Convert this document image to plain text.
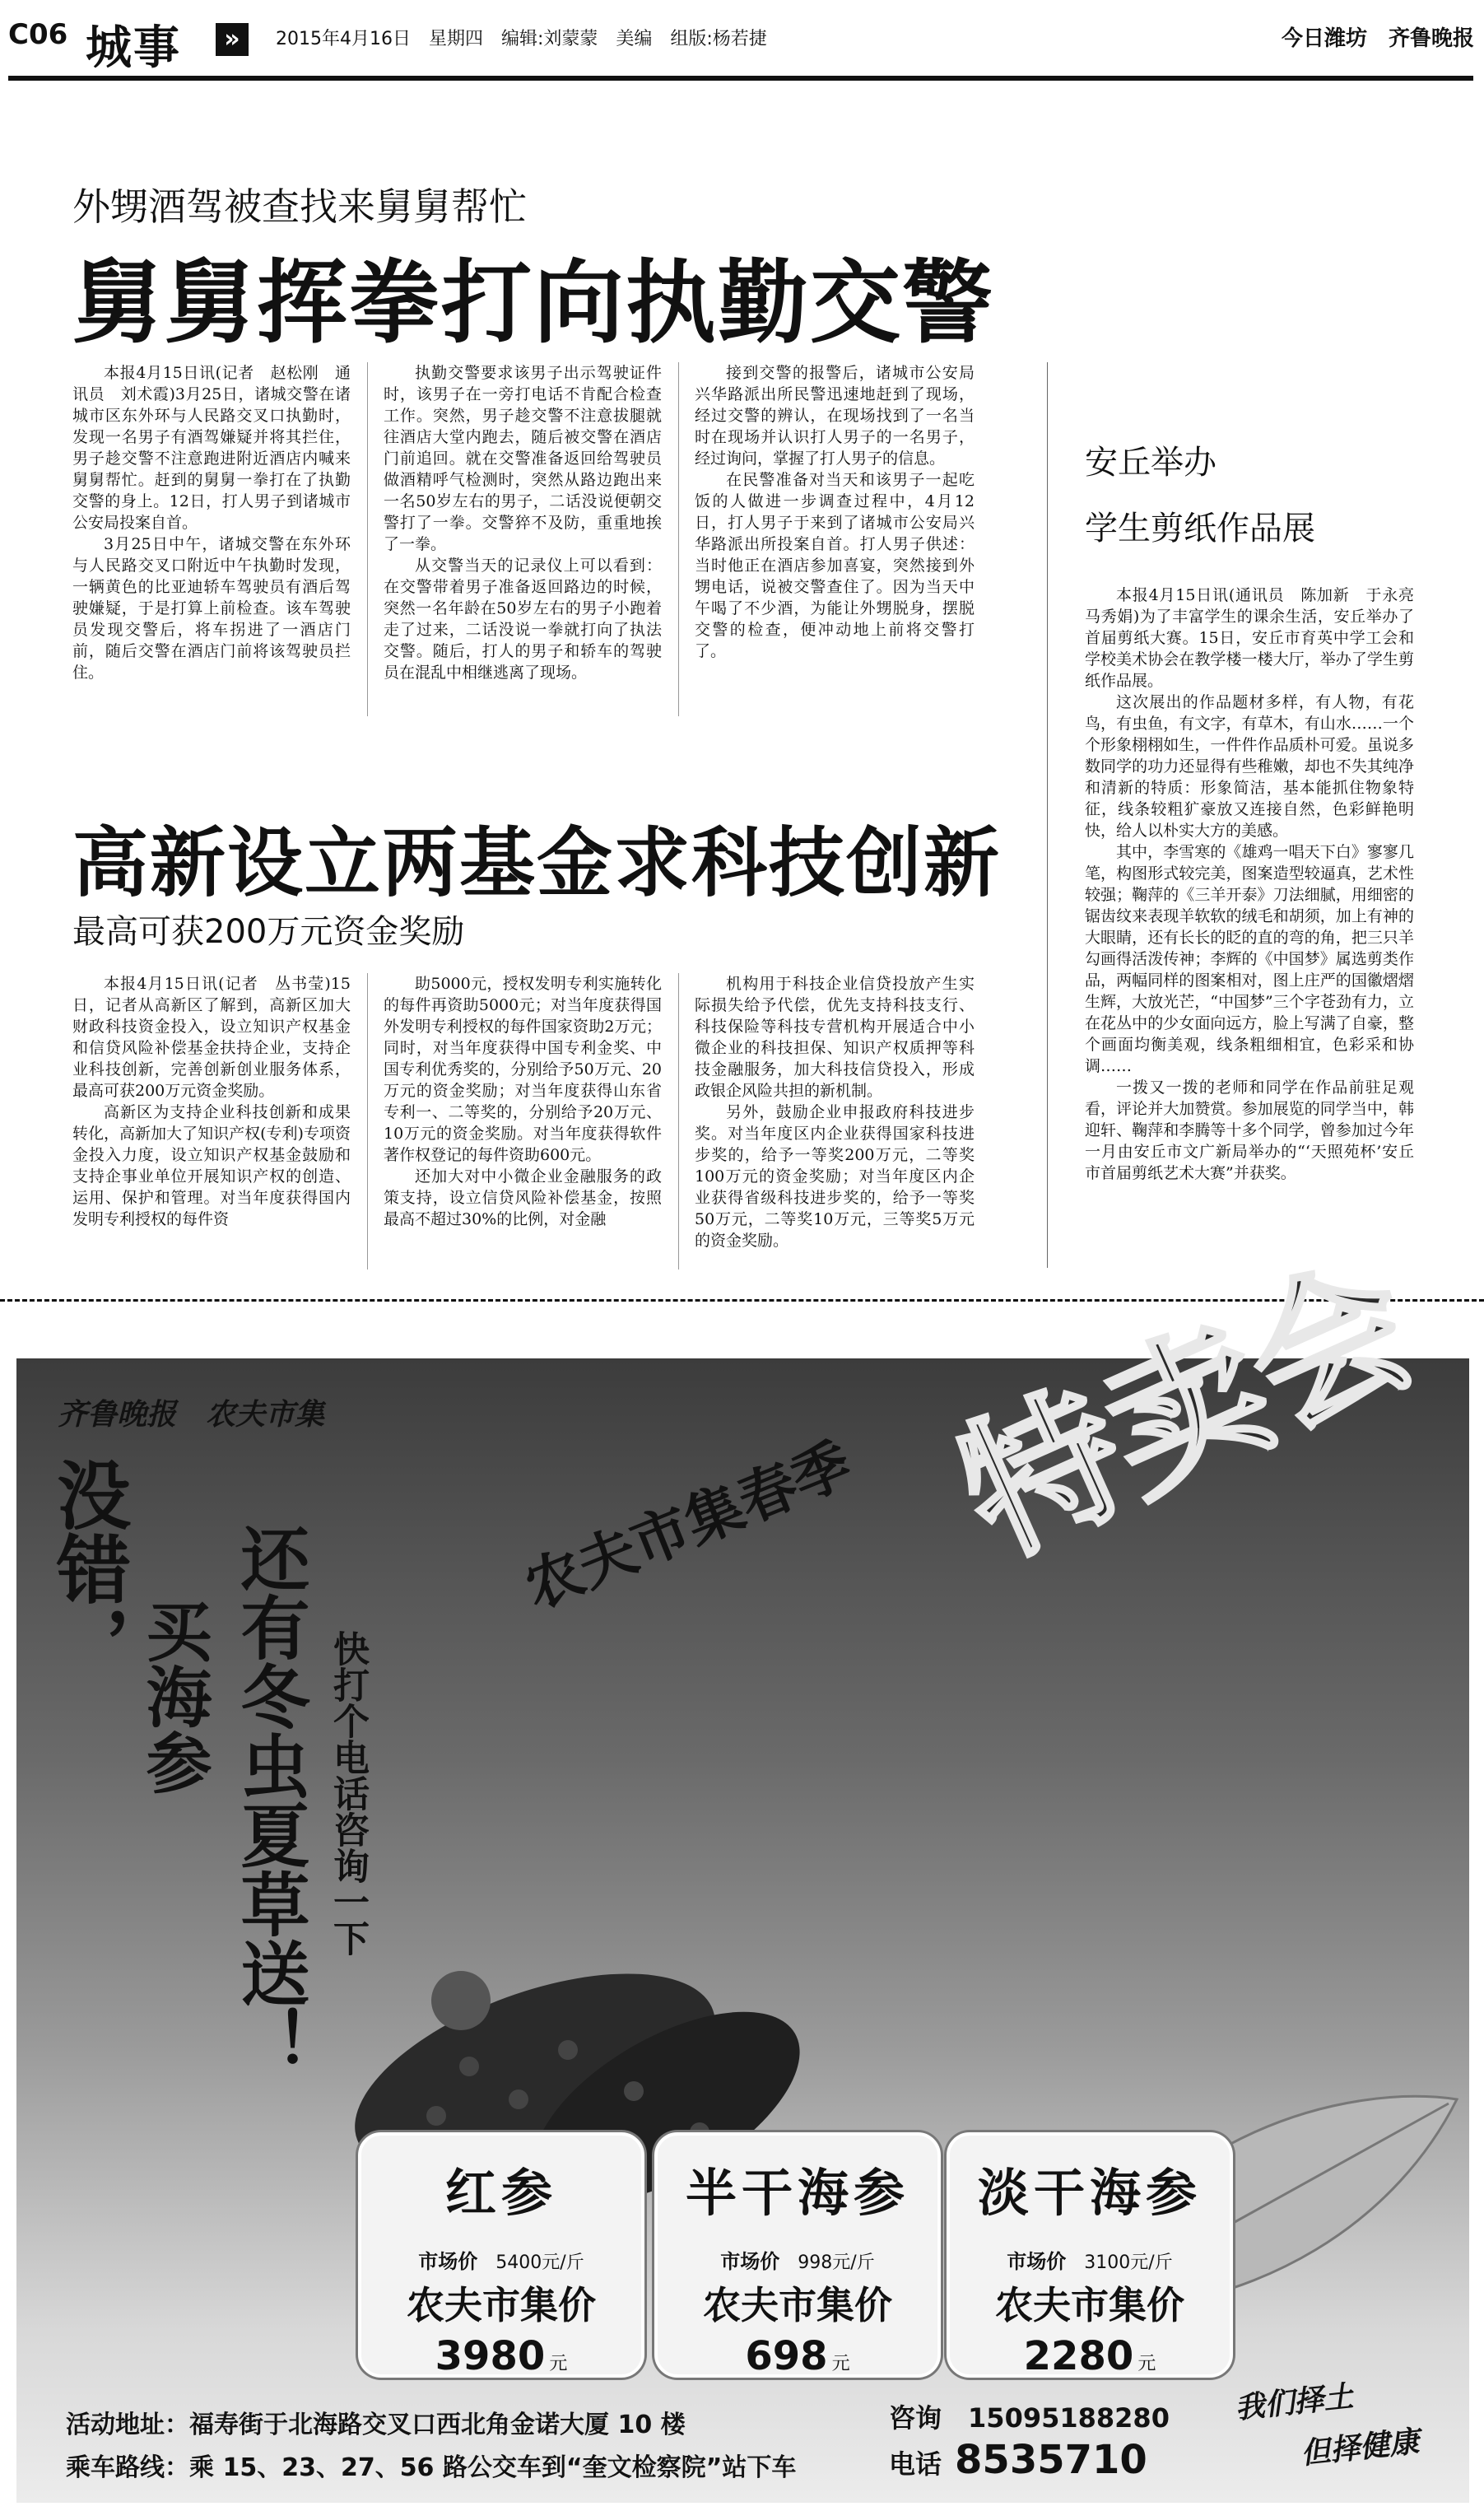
C06 城事	»	2015年4月16日　星期四　编辑:刘蒙蒙　美编　组版:杨若捷	今日潍坊　齐鲁晚报
外甥酒驾被查找来舅舅帮忙
舅舅挥拳打向执勤交警

本报4月15日讯(记者　赵松刚　通讯员　刘术霞)3月25日，诸城交警在诸城市区东外环与人民路交叉口执勤时，发现一名男子有酒驾嫌疑并将其拦住，男子趁交警不注意跑进附近酒店内喊来舅舅帮忙。赶到的舅舅一拳打在了执勤交警的身上。12日，打人男子到诸城市公安局投案自首。

3月25日中午，诸城交警在东外环与人民路交叉口附近中午执勤时发现，一辆黄色的比亚迪轿车驾驶员有酒后驾驶嫌疑，于是打算上前检查。该车驾驶员发现交警后，将车拐进了一酒店门前，随后交警在酒店门前将该驾驶员拦住。

执勤交警要求该男子出示驾驶证件时，该男子在一旁打电话不肯配合检查工作。突然，男子趁交警不注意拔腿就往酒店大堂内跑去，随后被交警在酒店门前追回。就在交警准备返回给驾驶员做酒精呼气检测时，突然从路边跑出来一名50岁左右的男子，二话没说便朝交警打了一拳。交警猝不及防，重重地挨了一拳。

从交警当天的记录仪上可以看到：在交警带着男子准备返回路边的时候，突然一名年龄在50岁左右的男子小跑着走了过来，二话没说一拳就打向了执法交警。随后，打人的男子和轿车的驾驶员在混乱中相继逃离了现场。

接到交警的报警后，诸城市公安局兴华路派出所民警迅速地赶到了现场，经过交警的辨认，在现场找到了一名当时在现场并认识打人男子的一名男子，经过询问，掌握了打人男子的信息。

在民警准备对当天和该男子一起吃饭的人做进一步调查过程中，4月12日，打人男子于来到了诸城市公安局兴华路派出所投案自首。打人男子供述：当时他正在酒店参加喜宴，突然接到外甥电话，说被交警查住了。因为当天中午喝了不少酒，为能让外甥脱身，摆脱交警的检查，便冲动地上前将交警打了。

高新设立两基金求科技创新
最高可获200万元资金奖励

本报4月15日讯(记者　丛书莹)15日，记者从高新区了解到，高新区加大财政科技资金投入，设立知识产权基金和信贷风险补偿基金扶持企业，支持企业科技创新，完善创新创业服务体系，最高可获200万元资金奖励。

高新区为支持企业科技创新和成果转化，高新加大了知识产权(专利)专项资金投入力度，设立知识产权基金鼓励和支持企事业单位开展知识产权的创造、运用、保护和管理。对当年度获得国内发明专利授权的每件资

助5000元，授权发明专利实施转化的每件再资助5000元；对当年度获得国外发明专利授权的每件国家资助2万元；同时，对当年度获得中国专利金奖、中国专利优秀奖的，分别给予50万元、20万元的资金奖励；对当年度获得山东省专利一、二等奖的，分别给予20万元、10万元的资金奖励。对当年度获得软件著作权登记的每件资助600元。

还加大对中小微企业金融服务的政策支持，设立信贷风险补偿基金，按照最高不超过30%的比例，对金融

机构用于科技企业信贷投放产生实际损失给予代偿，优先支持科技支行、科技保险等科技专营机构开展适合中小微企业的科技担保、知识产权质押等科技金融服务，加大科技信贷投入，形成政银企风险共担的新机制。

另外，鼓励企业申报政府科技进步奖。对当年度区内企业获得国家科技进步奖的，给予一等奖200万元，二等奖100万元的资金奖励；对当年度区内企业获得省级科技进步奖的，给予一等奖50万元，二等奖10万元，三等奖5万元的资金奖励。

安丘举办
学生剪纸作品展

本报4月15日讯(通讯员　陈加新　于永亮　马秀娟)为了丰富学生的课余生活，安丘举办了首届剪纸大赛。15日，安丘市育英中学工会和学校美术协会在教学楼一楼大厅，举办了学生剪纸作品展。

这次展出的作品题材多样，有人物，有花鸟，有虫鱼，有文字，有草木，有山水……一个个形象栩栩如生，一件件作品质朴可爱。虽说多数同学的功力还显得有些稚嫩，却也不失其纯净和清新的特质：形象简洁，基本能抓住物象特征，线条较粗犷豪放又连接自然，色彩鲜艳明快，给人以朴实大方的美感。

其中，李雪寒的《雄鸡一唱天下白》寥寥几笔，构图形式较完美，图案造型较逼真，艺术性较强；鞠萍的《三羊开泰》刀法细腻，用细密的锯齿纹来表现羊软软的绒毛和胡须，加上有神的大眼睛，还有长长的眨的直的弯的角，把三只羊勾画得活泼传神；李辉的《中国梦》属选剪类作品，两幅同样的图案相对，图上庄严的国徽熠熠生辉，大放光芒，“中国梦”三个字苍劲有力，立在花丛中的少女面向远方，脸上写满了自豪，整个画面均衡美观，线条粗细相宜，色彩采和协调……

一拨又一拨的老师和同学在作品前驻足观看，评论并大加赞赏。参加展览的同学当中，韩迎轩、鞠萍和李腾等十多个同学，曾参加过今年一月由安丘市文广新局举办的“‘天照苑杯’安丘市首届剪纸艺术大赛”并获奖。

齐鲁晚报　农夫市集
没错，
买海参 还有冬虫夏草送！ 快打个电话咨询一下
农夫市集春季 特卖会
红参
市场价　 5400元/斤
农夫市集价
3980 元
半干海参
市场价　 998元/斤
农夫市集价
698 元
淡干海参
市场价　 3100元/斤
农夫市集价
2280 元
活动地址：福寿街于北海路交叉口西北角金诺大厦 10 楼
乘车路线：乘 15、23、27、56 路公交车到“奎文检察院”站下车
咨询　 15095188280
电话　 8535710
我们择土
但择健康
